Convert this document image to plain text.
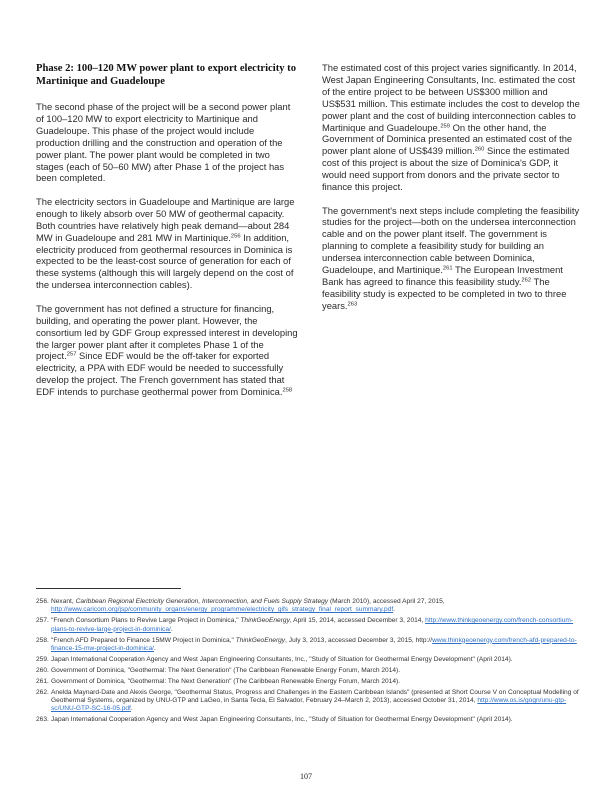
Phase 2: 100–120 MW power plant to export electricity to Martinique and Guadeloupe

The second phase of the project will be a second power plant of 100–120 MW to export electricity to Martinique and Guadeloupe. This phase of the project would include production drilling and the construction and operation of the power plant. The power plant would be completed in two stages (each of 50–60 MW) after Phase 1 of the project has been completed.

The electricity sectors in Guadeloupe and Martinique are large enough to likely absorb over 50 MW of geothermal capacity. Both countries have relatively high peak demand—about 284 MW in Guadeloupe and 281 MW in Martinique.$^{256}$ In addition, electricity produced from geothermal resources in Dominica is expected to be the least-cost source of generation for each of these systems (although this will largely depend on the cost of the undersea interconnection cables).

The government has not defined a structure for financing, building, and operating the power plant. However, the consortium led by GDF Group expressed interest in developing the larger power plant after it completes Phase 1 of the project.$^{257}$ Since EDF would be the off-taker for exported electricity, a PPA with EDF would be needed to successfully develop the project. The French government has stated that EDF intends to purchase geothermal power from Dominica.$^{258}$

The estimated cost of this project varies significantly. In 2014, West Japan Engineering Consultants, Inc. estimated the cost of the entire project to be between US$300 million and US$531 million. This estimate includes the cost to develop the power plant and the cost of building interconnection cables to Martinique and Guadeloupe.$^{259}$ On the other hand, the Government of Dominica presented an estimated cost of the power plant alone of US$439 million.$^{260}$ Since the estimated cost of this project is about the size of Dominica's GDP, it would need support from donors and the private sector to finance this project.

The government's next steps include completing the feasibility studies for the project—both on the undersea interconnection cable and on the power plant itself. The government is planning to complete a feasibility study for building an undersea interconnection cable between Dominica, Guadeloupe, and Martinique.$^{261}$ The European Investment Bank has agreed to finance this feasibility study.$^{262}$ The feasibility study is expected to be completed in two to three years.$^{263}$

256. Nexant, Caribbean Regional Electricity Generation, Interconnection, and Fuels Supply Strategy (March 2010), accessed April 27, 2015, http://www.caricom.org/jsp/community_organs/energy_programme/electricity_gifs_strategy_final_report_summary.pdf.
257. "French Consortium Plans to Revive Large Project in Dominica," ThinkGeoEnergy, April 15, 2014, accessed December 3, 2014, http://www.thinkgeoenergy.com/french-consortium-plans-to-revive-large-project-in-dominica/.
258. "French AFD Prepared to Finance 15MW Project in Dominica," ThinkGeoEnergy, July 3, 2013, accessed December 3, 2015, http://www.thinkgeoenergy.com/french-afd-prepared-to-finance-15-mw-project-in-dominica/.
259. Japan International Cooperation Agency and West Japan Engineering Consultants, Inc., "Study of Situation for Geothermal Energy Development" (April 2014).
260. Government of Dominica, "Geothermal: The Next Generation" (The Caribbean Renewable Energy Forum, March 2014).
261. Government of Dominica, "Geothermal: The Next Generation" (The Caribbean Renewable Energy Forum, March 2014).
262. Anelda Maynard-Date and Alexis George, "Geothermal Status, Progress and Challenges in the Eastern Caribbean Islands" (presented at Short Course V on Conceptual Modelling of Geothermal Systems, organized by UNU-GTP and LaGeo, in Santa Tecla, El Salvador, February 24–March 2, 2013), accessed October 31, 2014, http://www.os.is/gogn/unu-gtp-sc/UNU-GTP-SC-16-05.pdf.
263. Japan International Cooperation Agency and West Japan Engineering Consultants, Inc., "Study of Situation for Geothermal Energy Development" (April 2014).
107
